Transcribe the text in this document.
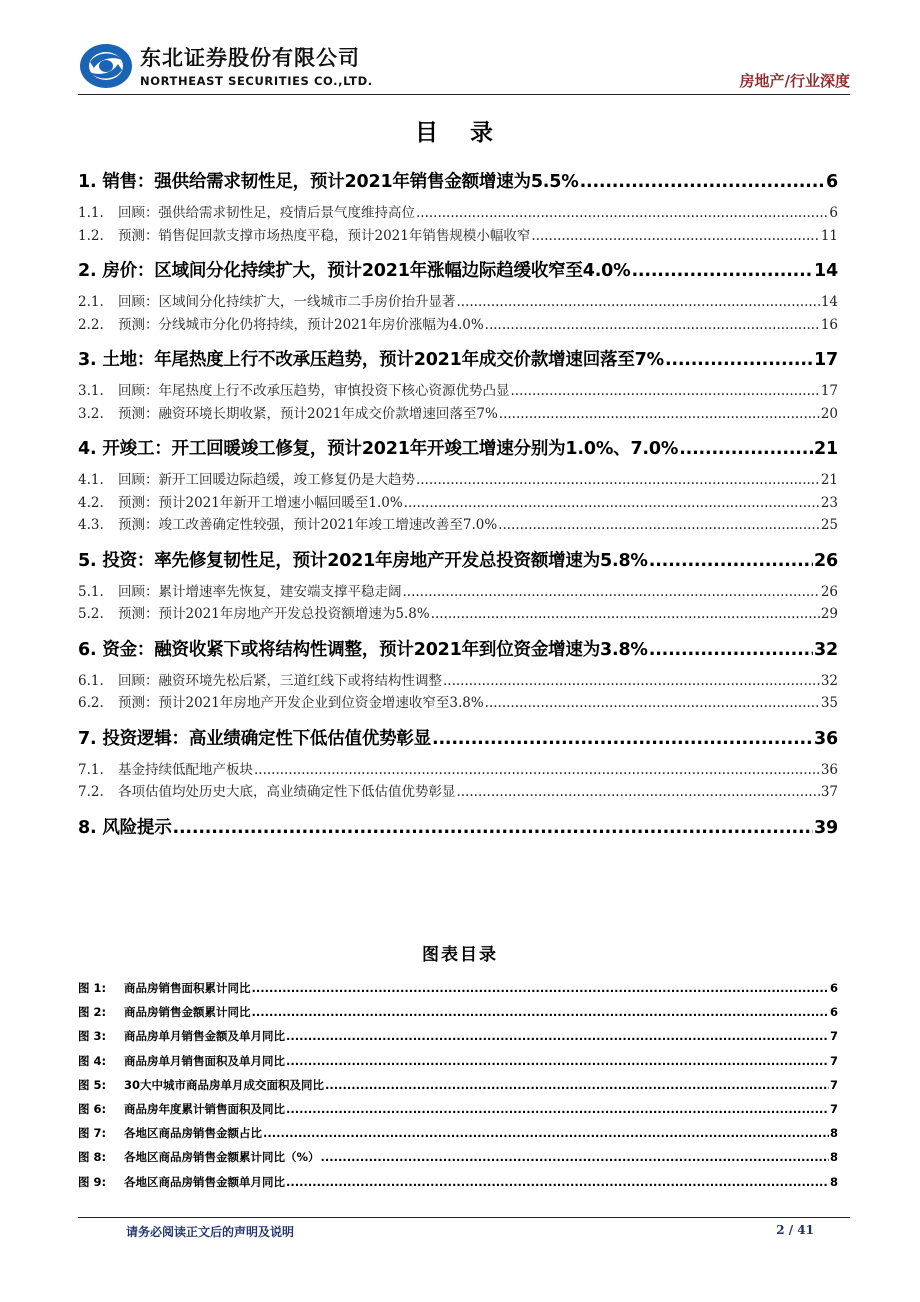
东北证券股份有限公司
NORTHEAST SECURITIES CO.,LTD.	房地产/行业深度
目 录
1. 销售：强供给需求韧性足，预计2021年销售金额增速为5.5% .....	6
1.1. 回顾：强供给需求韧性足，疫情后景气度维持高位 .....	6
1.2. 预测：销售促回款支撑市场热度平稳，预计2021年销售规模小幅收窄 .....	11
2. 房价：区域间分化持续扩大，预计2021年涨幅边际趋缓收窄至4.0% .....	14
2.1. 回顾：区域间分化持续扩大，一线城市二手房价抬升显著 .....	14
2.2. 预测：分线城市分化仍将持续，预计2021年房价涨幅为4.0% .....	16
3. 土地：年尾热度上行不改承压趋势，预计2021年成交价款增速回落至7% .....	17
3.1. 回顾：年尾热度上行不改承压趋势，审慎投资下核心资源优势凸显 .....	17
3.2. 预测：融资环境长期收紧，预计2021年成交价款增速回落至7% .....	20
4. 开竣工：开工回暖竣工修复，预计2021年开竣工增速分别为1.0%、7.0% .....	21
4.1. 回顾：新开工回暖边际趋缓，竣工修复仍是大趋势 .....	21
4.2. 预测：预计2021年新开工增速小幅回暖至1.0% .....	23
4.3. 预测：竣工改善确定性较强，预计2021年竣工增速改善至7.0% .....	25
5. 投资：率先修复韧性足，预计2021年房地产开发总投资额增速为5.8% .....	26
5.1. 回顾：累计增速率先恢复，建安端支撑平稳走阔 .....	26
5.2. 预测：预计2021年房地产开发总投资额增速为5.8% .....	29
6. 资金：融资收紧下或将结构性调整，预计2021年到位资金增速为3.8% .....	32
6.1. 回顾：融资环境先松后紧，三道红线下或将结构性调整 .....	32
6.2. 预测：预计2021年房地产开发企业到位资金增速收窄至3.8% .....	35
7. 投资逻辑：高业绩确定性下低估值优势彰显 .....	36
7.1. 基金持续低配地产板块 .....	36
7.2. 各项估值均处历史大底，高业绩确定性下低估值优势彰显 .....	37
8. 风险提示 .....	39
图表目录
图 1: 商品房销售面积累计同比 .....	6
图 2: 商品房销售金额累计同比 .....	6
图 3: 商品房单月销售金额及单月同比 .....	7
图 4: 商品房单月销售面积及单月同比 .....	7
图 5: 30大中城市商品房单月成交面积及同比 .....	7
图 6: 商品房年度累计销售面积及同比 .....	7
图 7: 各地区商品房销售金额占比 .....	8
图 8: 各地区商品房销售金额累计同比（%） .....	8
图 9: 各地区商品房销售金额单月同比 .....	8
请务必阅读正文后的声明及说明	2 / 41
